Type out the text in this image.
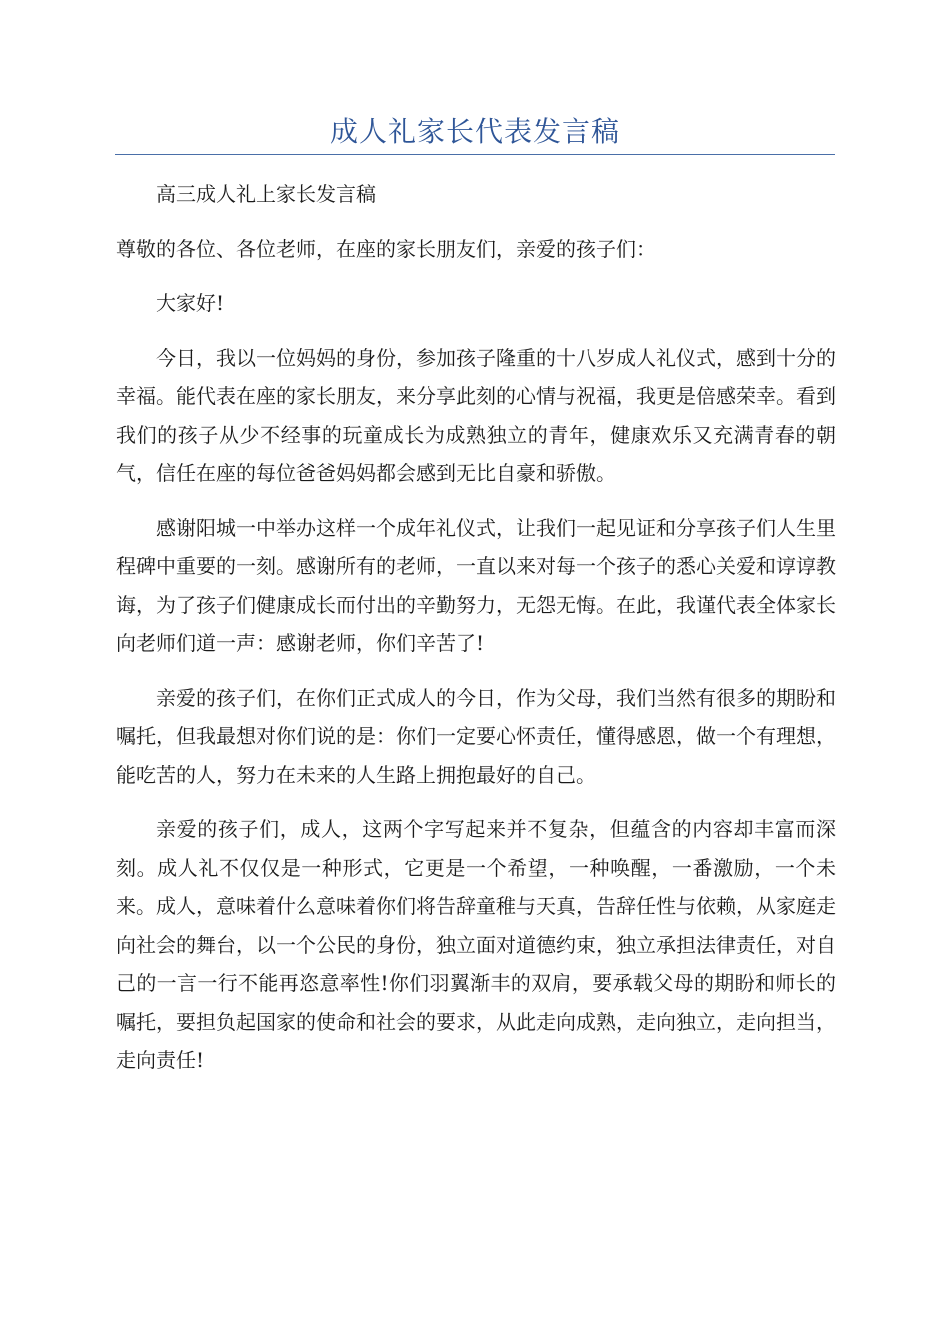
成人礼家长代表发言稿

高三成人礼上家长发言稿

尊敬的各位、各位老师，在座的家长朋友们，亲爱的孩子们：

大家好!

今日，我以一位妈妈的身份，参加孩子隆重的十八岁成人礼仪式，感到十分的幸福。能代表在座的家长朋友，来分享此刻的心情与祝福，我更是倍感荣幸。看到我们的孩子从少不经事的玩童成长为成熟独立的青年，健康欢乐又充满青春的朝气，信任在座的每位爸爸妈妈都会感到无比自豪和骄傲。

感谢阳城一中举办这样一个成年礼仪式，让我们一起见证和分享孩子们人生里程碑中重要的一刻。感谢所有的老师，一直以来对每一个孩子的悉心关爱和谆谆教诲，为了孩子们健康成长而付出的辛勤努力，无怨无悔。在此，我谨代表全体家长向老师们道一声：感谢老师，你们辛苦了!

亲爱的孩子们，在你们正式成人的今日，作为父母，我们当然有很多的期盼和嘱托，但我最想对你们说的是：你们一定要心怀责任，懂得感恩，做一个有理想，能吃苦的人，努力在未来的人生路上拥抱最好的自己。

亲爱的孩子们，成人，这两个字写起来并不复杂，但蕴含的内容却丰富而深刻。成人礼不仅仅是一种形式，它更是一个希望，一种唤醒，一番激励，一个未来。成人，意味着什么意味着你们将告辞童稚与天真，告辞任性与依赖，从家庭走向社会的舞台，以一个公民的身份，独立面对道德约束，独立承担法律责任，对自己的一言一行不能再恣意率性!你们羽翼渐丰的双肩，要承载父母的期盼和师长的嘱托，要担负起国家的使命和社会的要求，从此走向成熟，走向独立，走向担当，走向责任!
